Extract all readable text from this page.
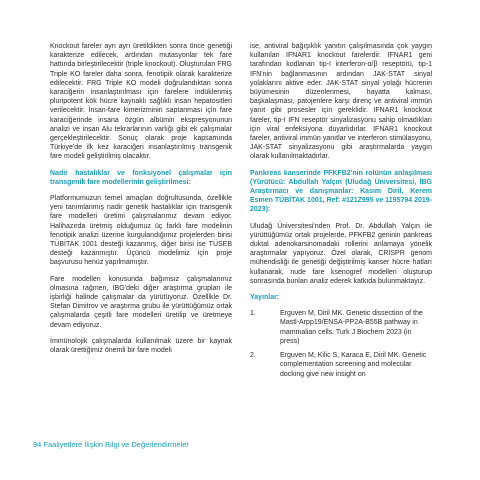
Knockout fareler ayrı ayrı üretildikten sonra önce genetiği karakterize edilecek, ardından mutasyonlar tek fare hattında birleştirilecektir (triple knockout). Oluşturulan FRG Triple KO fareler daha sonra, fenotipik olarak karakterize edilecektir. FRG Triple KO modeli doğrulandıktan sonra karaciğerin insanlaştırılması için farelere indüklenmiş pluripotent kök hücre kaynaklı sağlıklı insan hepatositleri verilecektir. İnsan-fare kimerizminin saptanması için fare karaciğerinde insana özgün albümin ekspresyonunun analizi ve insan Alu tekrarlarının varlığı gibi ek çalışmalar gerçekleştirilecektir. Sonuç olarak proje kapsamında Türkiye'de ilk kez karaciğeri insanlaştırılmış transgenik fare modeli geliştirilmiş olacaktır.

Nadir hastalıklar ve fonksiyonel çalışmalar için transgenik fare modellerinin geliştirilmesi:

Platformumuzun temel amaçları doğrultusunda, özellikle yeni tanımlanmış nadir genetik hastalıklar için transgenik fare modelleri üretimi çalışmalarımız devam ediyor. Halihazırda üretmiş olduğumuz üç farklı fare modelinin fenotipik analizi üzerine kurgulandığımız projelerden birisi TÜBİTAK 1001 desteği kazanmış, diğer birisi ise TÜSEB desteği kazanmıştır. Üçüncü modelimiz için proje başvurusu henüz yapılmamıştır.

Fare modelleri konusunda bağımsız çalışmalarımız olmasına rağmen, İBG'deki diğer araştırma grupları ile işbirliği halinde çalışmalar da yürütüyoruz. Özellikle Dr. Stefan Dimitrov ve araştırma grubu ile yürüttüğümüz ortak çalışmalarda çeşitli fare modelleri üretilip ve üretmeye devam ediyoruz.

İmmünolojik çalışmalarda kullanılmak üzere bir kaynak olarak ürettiğimiz önemli bir fare modeli

ise, antiviral bağışıklık yanıtın çalışılmasında çok yaygın kullanılan IFNAR1 knockout farelerdir. IFNAR1 geni tarafından kodlanan tip-I interferon-α/β reseptörü, tip-1 IFN'nin bağlanmasının ardından JAK-STAT sinyal yolaklarını aktive eder. JAK-STAT sinyal yolağı hücrenin büyümesinin düzenlenmesi, hayatta kalması, başkalaşması, patojenlere karşı direnç ve antiviral immün yanıt gibi prosesler için gereklidir. IFNAR1 knockout fareler, tip-I IFN reseptör sinyalizasyonu sahip olmadıkları için viral enfeksiyona duyarlıdırlar. IFNAR1 knockout fareler, antiviral immün yanıtlar ve interferon stimülasyonu, JAK-STAT sinyalizasyonu gibi araştırmalarda yaygın olarak kullanılmaktadırlar.

Pankreas kanserinde PFKFB2'nin rolünün anlaşılması (Yürütücü: Abdullah Yalçın (Uludağ Üniversitesi, İBG Araştırmacı ve danışmanlar: Kasım Diril, Kerem Esmen TÜBİTAK 1001, Ref: #121Z995 ve 1195794 2019-2023):

Uludağ Üniversitesi'nden Prof. Dr. Abdullah Yalçın ile yürüttüğümüz ortak projelerde, PFKFB2 geninin pankreas duktal adenokarsinomadaki rollerini anlamaya yönelik araştırmalar yapıyoruz. Özel olarak, CRISPR genom mühendisliği ile genetiği değiştirilmiş kanser hücre hatları kullanarak, nude fare ksenogref modelleri oluşturup sonrasında bunları analiz ederek katkıda bulunmaktayız.

Yayınlar:

1.	Erguven M, Diril MK. Genetic dissection of the Mastl-Arpp19/ENSA-PP2A-B55B pathway in mammalian cells. Turk J Biochem 2023 (in press)
2.	Erguven M, Kilic S, Karaca E, Diril MK. Genetic complementation screening and molecular docking give new insight on
94 Faaliyetlere İlişkin Bilgi ve Değerlendirmeler
